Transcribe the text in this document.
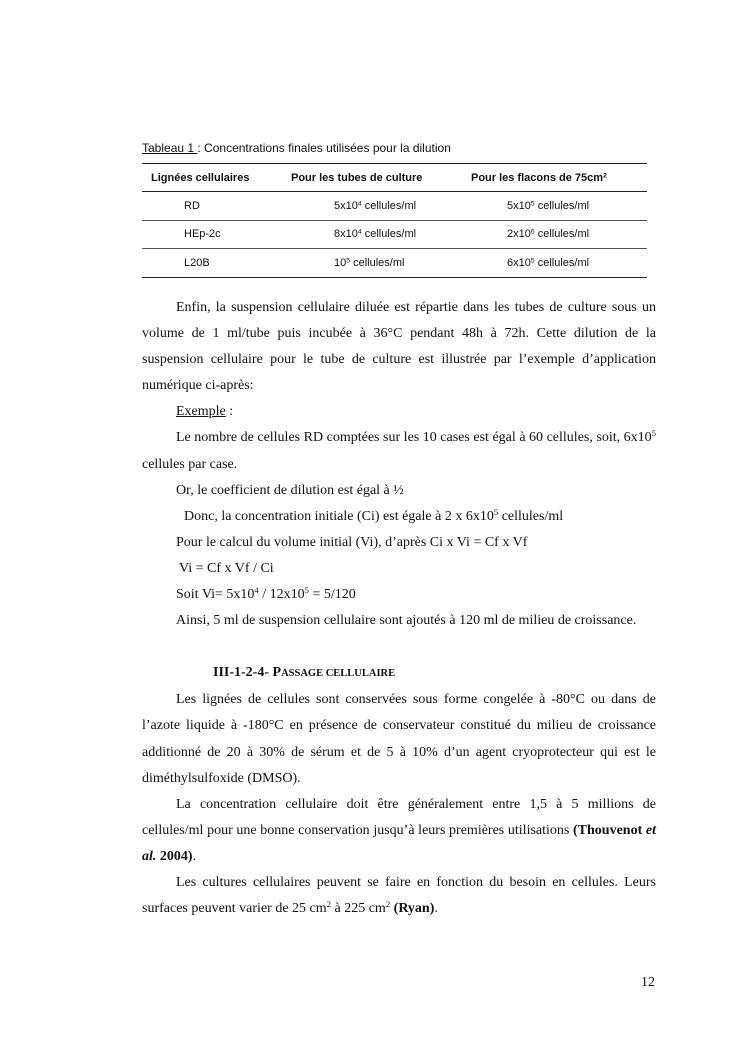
Tableau 1 : Concentrations finales utilisées pour la dilution
Lignées cellulaires	Pour les tubes de culture	Pour les flacons de $75cm^2$
RD	$5x10^4$ cellules/ml	$5x10^5$ cellules/ml
HEp-2c	$8x10^4$ cellules/ml	$2x10^6$ cellules/ml
L20B	$10^5$ cellules/ml	$6x10^5$ cellules/ml

Enfin, la suspension cellulaire diluée est répartie dans les tubes de culture sous un volume de 1 ml/tube puis incubée à 36°C pendant 48h à 72h. Cette dilution de la suspension cellulaire pour le tube de culture est illustrée par l’exemple d’application numérique ci-après:

Exemple :

Le nombre de cellules RD comptées sur les 10 cases est égal à 60 cellules, soit, $6x10^5$ cellules par case.

Or, le coefficient de dilution est égal à ½

Donc, la concentration initiale (Ci) est égale à 2 x $6x10^5$ cellules/ml

Pour le calcul du volume initial (Vi), d’après Ci x Vi = Cf x Vf

Vi = Cf x Vf / Ci

Soit $Vi= 5x10^4 / 12x10^5 = 5/120$

Ainsi, 5 ml de suspension cellulaire sont ajoutés à 120 ml de milieu de croissance.

III-1-2-4- PASSAGE CELLULAIRE

Les lignées de cellules sont conservées sous forme congelée à -80°C ou dans de l’azote liquide à -180°C en présence de conservateur constitué du milieu de croissance additionné de 20 à 30% de sérum et de 5 à 10% d’un agent cryoprotecteur qui est le diméthylsulfoxide (DMSO).

La concentration cellulaire doit être généralement entre 1,5 à 5 millions de cellules/ml pour une bonne conservation jusqu’à leurs premières utilisations (Thouvenot et al. 2004).

Les cultures cellulaires peuvent se faire en fonction du besoin en cellules. Leurs surfaces peuvent varier de 25 $cm^2$ à 225 $cm^2$ (Ryan).

12
